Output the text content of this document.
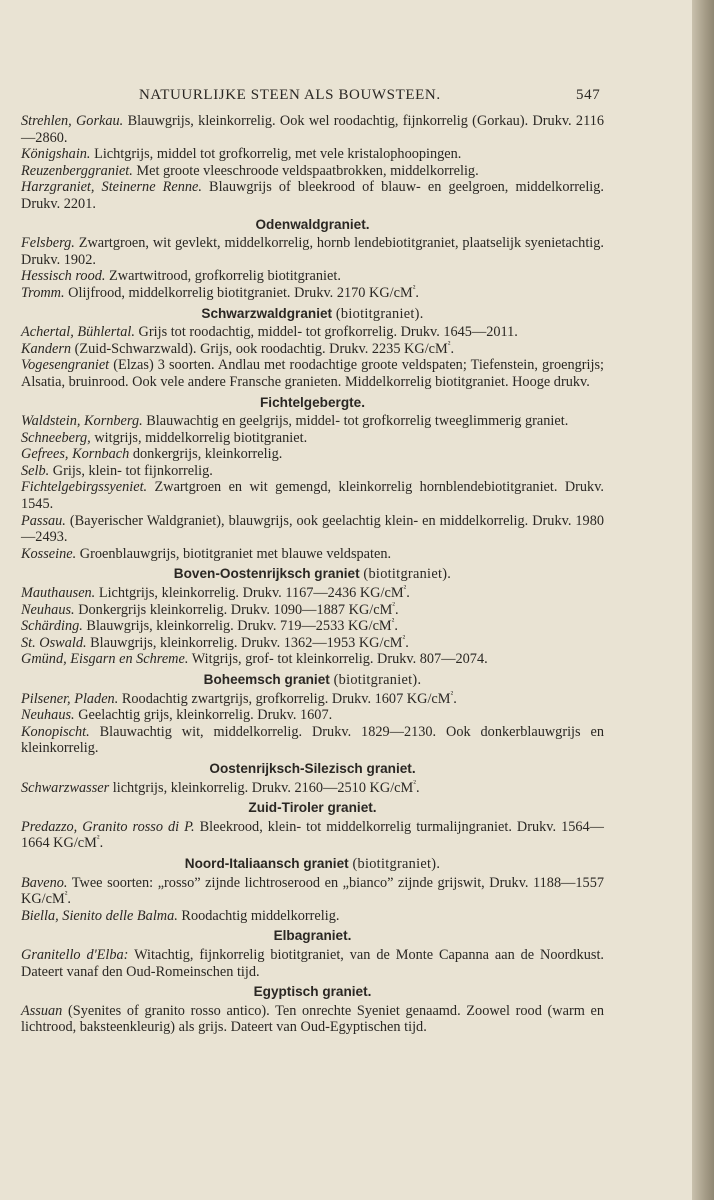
NATUURLIJKE STEEN ALS BOUWSTEEN.	547

Strehlen, Gorkau. Blauwgrijs, kleinkorrelig. Ook wel roodachtig, fijnkorrelig (Gorkau). Drukv. 2116—2860.

Königshain. Lichtgrijs, middel tot grofkorrelig, met vele kristalophoopingen.

Reuzenberggraniet. Met groote vleeschroode veldspaatbrokken, middelkorrelig.

Harzgraniet, Steinerne Renne. Blauwgrijs of bleekrood of blauw- en geelgroen, middelkorrelig. Drukv. 2201.

Odenwaldgraniet.

Felsberg. Zwartgroen, wit gevlekt, middelkorrelig, hornb lendebiotitgraniet, plaatselijk syenietachtig. Drukv. 1902.

Hessisch rood. Zwartwitrood, grofkorrelig biotitgraniet.

Tromm. Olijfrood, middelkorrelig biotitgraniet. Drukv. 2170 $KG/cM^{^2}$.

Schwarzwaldgraniet (biotitgraniet).

Achertal, Bühlertal. Grijs tot roodachtig, middel- tot grofkorrelig. Drukv. 1645—2011.

Kandern (Zuid-Schwarzwald). Grijs, ook roodachtig. Drukv. 2235 $KG/cM^{^2}$.

Vogesengraniet (Elzas) 3 soorten. Andlau met roodachtige groote veldspaten; Tiefenstein, groengrijs; Alsatia, bruinrood. Ook vele andere Fransche granieten. Middelkorrelig biotitgraniet. Hooge drukv.

Fichtelgebergte.

Waldstein, Kornberg. Blauwachtig en geelgrijs, middel- tot grofkorrelig tweeglimmerig graniet.

Schneeberg, witgrijs, middelkorrelig biotitgraniet.

Gefrees, Kornbach donkergrijs, kleinkorrelig.

Selb. Grijs, klein- tot fijnkorrelig.

Fichtelgebirgssyeniet. Zwartgroen en wit gemengd, kleinkorrelig hornblendebiotitgraniet. Drukv. 1545.

Passau. (Bayerischer Waldgraniet), blauwgrijs, ook geelachtig klein- en middelkorrelig. Drukv. 1980—2493.

Kosseine. Groenblauwgrijs, biotitgraniet met blauwe veldspaten.

Boven-Oostenrijksch graniet (biotitgraniet).

Mauthausen. Lichtgrijs, kleinkorrelig. Drukv. 1167—2436 $KG/cM^{^2}$.

Neuhaus. Donkergrijs kleinkorrelig. Drukv. 1090—1887 $KG/cM^{^2}$.

Schärding. Blauwgrijs, kleinkorrelig. Drukv. 719—2533 $KG/cM^{^2}$.

St. Oswald. Blauwgrijs, kleinkorrelig. Drukv. 1362—1953 $KG/cM^{^2}$.

Gmünd, Eisgarn en Schreme. Witgrijs, grof- tot kleinkorrelig. Drukv. 807—2074.

Boheemsch graniet (biotitgraniet).

Pilsener, Pladen. Roodachtig zwartgrijs, grofkorrelig. Drukv. 1607 $KG/cM^{^2}$.

Neuhaus. Geelachtig grijs, kleinkorrelig. Drukv. 1607.

Konopischt. Blauwachtig wit, middelkorrelig. Drukv. 1829—2130. Ook donkerblauwgrijs en kleinkorrelig.

Oostenrijksch-Silezisch graniet.

Schwarzwasser lichtgrijs, kleinkorrelig. Drukv. 2160—2510 $KG/cM^{^2}$.

Zuid-Tiroler graniet.

Predazzo, Granito rosso di P. Bleekrood, klein- tot middelkorrelig turmalijngraniet. Drukv. 1564—1664 $KG/cM^{^2}$.

Noord-Italiaansch graniet (biotitgraniet).

Baveno. Twee soorten: „rosso” zijnde lichtroserood en „bianco” zijnde grijswit, Drukv. 1188—1557 $KG/cM^{^2}$.

Biella, Sienito delle Balma. Roodachtig middelkorrelig.

Elbagraniet.

Granitello d'Elba: Witachtig, fijnkorrelig biotitgraniet, van de Monte Capanna aan de Noordkust. Dateert vanaf den Oud-Romeinschen tijd.

Egyptisch graniet.

Assuan (Syenites of granito rosso antico). Ten onrechte Syeniet genaamd. Zoowel rood (warm en lichtrood, baksteenkleurig) als grijs. Dateert van Oud-Egyptischen tijd.
